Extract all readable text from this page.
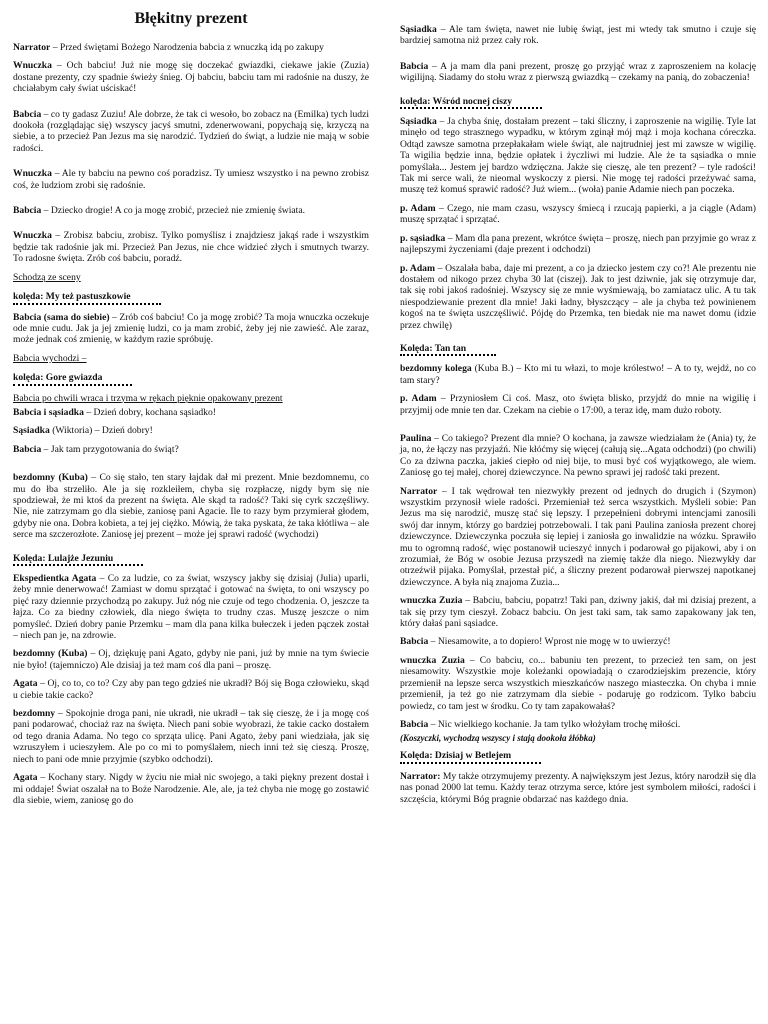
Błękitny prezent
Narrator – Przed świętami Bożego Narodzenia babcia z wnuczką idą po zakupy
Wnuczka – Och babciu! Już nie mogę się doczekać gwiazdki, ciekawe jakie (Zuzia) dostane prezenty, czy spadnie świeży śnieg. Oj babciu, babciu tam mi radośnie na duszy, że chciałabym cały świat uściskać!
Babcia – co ty gadasz Zuziu! Ale dobrze, że tak ci wesoło, bo zobacz na (Emilka) tych ludzi dookoła (rozglądając się) wszyscy jacyś smutni, zdenerwowani, popychają się, krzyczą na siebie, a to przecież Pan Jezus ma się narodzić. Tydzień do świąt, a ludzie nie mają w sobie radości.
Wnuczka – Ale ty babciu na pewno coś poradzisz. Ty umiesz wszystko i na pewno zrobisz coś, że ludziom zrobi się radośnie.
Babcia – Dziecko drogie! A co ja mogę zrobić, przecież nie zmienię świata.
Wnuczka – Zrobisz babciu, zrobisz. Tylko pomyślisz i znajdziesz jakąś rade i wszystkim będzie tak radośnie jak mi. Przecież Pan Jezus, nie chce widzieć złych i smutnych twarzy. To radosne święta. Zrób coś babciu, poradź.
Schodzą ze sceny
kolęda: My też pastuszkowie
Babcia (sama do siebie) – Zrób coś babciu! Co ja mogę zrobić? Ta moja wnuczka oczekuje ode mnie cudu. Jak ja jej zmienię ludzi, co ja mam zrobić, żeby jej nie zawieść. Ale zaraz, może jednak coś zmienię, w każdym razie spróbuję.
Babcia wychodzi –
kolęda: Gore gwiazda
Babcia po chwili wraca i trzyma w rękach pięknie opakowany prezent
Babcia i sąsiadka – Dzień dobry, kochana sąsiadko!
Sąsiadka (Wiktoria) – Dzień dobry!
Babcia – Jak tam przygotowania do świąt?
bezdomny (Kuba) – Co się stało, ten stary łajdak dał mi prezent. Mnie bezdomnemu, co mu do łba strzeliło. Ale ja się rozkleiłem, chyba się rozpłaczę, nigdy bym się nie spodziewał, że mi ktoś da prezent na święta. Ale skąd ta radość? Taki się cyrk szczęśliwy. Nie, nie zatrzymam go dla siebie, zaniosę pani Agacie. Ile to razy bym przymierał głodem, gdyby nie ona. Dobra kobieta, a tej jej ciężko. Mówią, że taka pyskata, że taka kłótliwa – ale serce ma szczerozłote. Zaniosę jej prezent – może jej sprawi radość (wychodzi)
Kolęda: Lulajże Jezuniu
Ekspedientka Agata – Co za ludzie, co za świat, wszyscy jakby się dzisiaj (Julia) uparli, żeby mnie denerwować! Zamiast w domu sprzątać i gotować na święta, to oni wszyscy po pięć razy dziennie przychodzą po zakupy. Już nóg nie czuje od tego chodzenia. O, jeszcze ta łajza. Co za biedny człowiek, dla niego święta to trudny czas. Muszę jeszcze o nim pomyśleć. Dzień dobry panie Przemku – mam dla pana kilka bułeczek i jeden pączek został – niech pan je, na zdrowie.
bezdomny (Kuba) – Oj, dziękuję pani Agato, gdyby nie pani, już by mnie na tym świecie nie było! (tajemniczo) Ale dzisiaj ja też mam coś dla pani – proszę.
Agata – Oj, co to, co to? Czy aby pan tego gdzieś nie ukradł? Bój się Boga człowieku, skąd u ciebie takie cacko?
bezdomny – Spokojnie droga pani, nie ukradł, nie ukradł – tak się cieszę, że i ja mogę coś pani podarować, chociaż raz na święta. Niech pani sobie wyobrazi, że takie cacko dostałem od tego drania Adama. No tego co sprząta ulicę. Pani Agato, żeby pani wiedziała, jak się wzruszyłem i ucieszyłem. Ale po co mi to pomyślałem, niech inni też się cieszą. Proszę, niech to pani ode mnie przyjmie (szybko odchodzi).
Agata – Kochany stary. Nigdy w życiu nie miał nic swojego, a taki piękny prezent dostał i mi oddaje! Świat oszalał na to Boże Narodzenie. Ale, ale, ja też chyba nie mogę go zostawić dla siebie, wiem, zaniosę go do
Sąsiadka – Ale tam święta, nawet nie lubię świąt, jest mi wtedy tak smutno i czuje się bardziej samotna niż przez cały rok.
Babcia – A ja mam dla pani prezent, proszę go przyjąć wraz z zaproszeniem na kolację wigilijną. Siadamy do stołu wraz z pierwszą gwiazdką – czekamy na panią, do zobaczenia!
kolęda: Wśród nocnej ciszy
Sąsiadka – Ja chyba śnię, dostałam prezent – taki śliczny, i zaproszenie na wigilię. Tyle lat minęło od tego strasznego wypadku, w którym zginął mój mąż i moja kochana córeczka. Odtąd zawsze samotna przepłakałam wiele świąt, ale najtrudniej jest mi zawsze w wigilię. Ta wigilia będzie inna, będzie opłatek i życzliwi mi ludzie. Ale że ta sąsiadka o mnie pomyślała... Jestem jej bardzo wdzięczna. Jakże się cieszę, ale ten prezent? – tyle radości! Tak mi serce wali, że nieomal wyskoczy z piersi. Nie mogę tej radości przeżywać sama, muszę też komuś sprawić radość? Już wiem... (woła) panie Adamie niech pan poczeka.
p. Adam – Czego, nie mam czasu, wszyscy śmiecą i rzucają papierki, a ja ciągle (Adam) muszę sprzątać i sprzątać.
p. sąsiadka – Mam dla pana prezent, wkrótce święta – proszę, niech pan przyjmie go wraz z najlepszymi życzeniami (daje prezent i odchodzi)
p. Adam – Oszalała baba, daje mi prezent, a co ja dziecko jestem czy co?! Ale prezentu nie dostałem od nikogo przez chyba 30 lat (ciszej). Jak to jest dziwnie, jak się otrzymuje dar, tak się robi jakoś radośniej. Wszyscy się ze mnie wyśmiewają, bo zamiatacz ulic. A tu tak niespodziewanie prezent dla mnie! Jaki ładny, błyszczący – ale ja chyba też powinienem kogoś na te święta uszczęśliwić. Pójdę do Przemka, ten biedak nie ma nawet domu (idzie przez chwilę)
Kolęda: Tan tan
bezdomny kolega (Kuba B.) – Kto mi tu włazi, to moje królestwo! – A to ty, wejdź, no co tam stary?
p. Adam – Przyniosłem Ci coś. Masz, oto święta blisko, przyjdź do mnie na wigilię i przyjmij ode mnie ten dar. Czekam na ciebie o 17:00, a teraz idę, mam dużo roboty.
Paulina – Co takiego? Prezent dla mnie? O kochana, ja zawsze wiedziałam że (Ania) ty, że ja, no, że łączy nas przyjaźń. Nie kłóćmy się więcej (całują się...Agata odchodzi) (po chwili) Co za dziwna paczka, jakieś ciepło od niej bije, to musi być coś wyjątkowego, ale wiem. Zaniosę go tej małej, chorej dziewczynce. Na pewno sprawi jej radość taki prezent.
Narrator – I tak wędrował ten niezwykły prezent od jednych do drugich i (Szymon) wszystkim przynosił wiele radości. Przemieniał też serca wszystkich. Myśleli sobie: Pan Jezus ma się narodzić, muszę stać się lepszy. I przepełnieni dobrymi intencjami zanosili swój dar innym, którzy go bardziej potrzebowali. I tak pani Paulina zaniosła prezent chorej dziewczynce. Dziewczynka poczuła się lepiej i zaniosła go inwalidzie na wózku. Sprawiło mu to ogromną radość, więc postanowił ucieszyć innych i podarował go pijakowi, aby i on zrozumiał, że Bóg w osobie Jezusa przyszedł na ziemię także dla niego. Niezwykły dar otrzeźwił pijaka. Pomyślał, przestał pić, a śliczny prezent podarował pierwszej napotkanej dziewczynce. A była nią znajoma Zuzia...
wnuczka Zuzia – Babciu, babciu, popatrz! Taki pan, dziwny jakiś, dał mi dzisiaj prezent, a tak się przy tym cieszył. Zobacz babciu. On jest taki sam, tak samo zapakowany jak ten, który dałaś pani sąsiadce.
Babcia – Niesamowite, a to dopiero! Wprost nie mogę w to uwierzyć!
wnuczka Zuzia – Co babciu, co... babuniu ten prezent, to przecież ten sam, on jest niesamowity. Wszystkie moje koleżanki opowiadają o czarodziejskim prezencie, który przemienił na lepsze serca wszystkich mieszkańców naszego miasteczka. On chyba i mnie przemienił, ja też go nie zatrzymam dla siebie - podaruję go rodzicom. Tylko babciu powiedz, co tam jest w środku. Co ty tam zapakowałaś?
Babcia – Nic wielkiego kochanie. Ja tam tylko włożyłam trochę miłości.
(Koszyczki, wychodzą wszyscy i stają dookoła żłóbka)
Kolęda: Dzisiaj w Betlejem
Narrator: My także otrzymujemy prezenty. A największym jest Jezus, który narodził się dla nas ponad 2000 lat temu. Każdy teraz otrzyma serce, które jest symbolem miłości, radości i szczęścia, którymi Bóg pragnie obdarzać nas każdego dnia.
